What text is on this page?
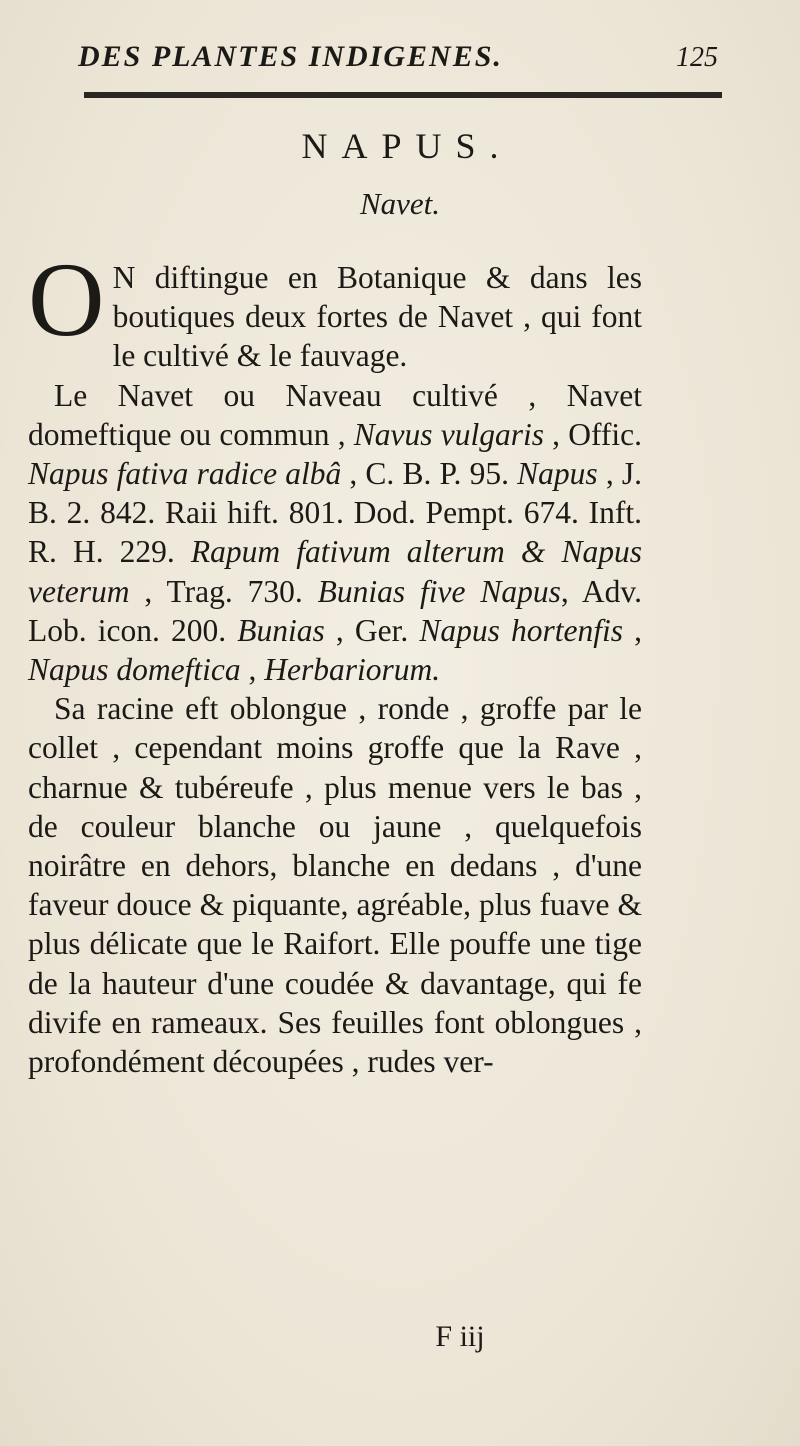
DES PLANTES INDIGENES.	125
NAPUS.
Navet.

O N diftingue en Botanique & dans les boutiques deux fortes de Navet , qui font le cultivé & le fauvage.

Le Navet ou Naveau cultivé , Navet domeftique ou commun , Navus vulgaris , Offic. Napus fativa radice albâ , C. B. P. 95. Napus , J. B. 2. 842. Raii hift. 801. Dod. Pempt. 674. Inft. R. H. 229. Rapum fativum alterum & Napus veterum , Trag. 730. Bunias five Napus, Adv. Lob. icon. 200. Bunias , Ger. Napus hortenfis , Napus domeftica , Herbariorum.

Sa racine eft oblongue , ronde , groffe par le collet , cependant moins groffe que la Rave , charnue & tubéreufe , plus menue vers le bas , de couleur blanche ou jaune , quelquefois noirâtre en dehors, blanche en dedans , d'une faveur douce & piquante, agréable, plus fuave & plus délicate que le Raifort. Elle pouffe une tige de la hauteur d'une coudée & davantage, qui fe divife en rameaux. Ses feuilles font oblongues , profondément découpées , rudes ver-

F iij
